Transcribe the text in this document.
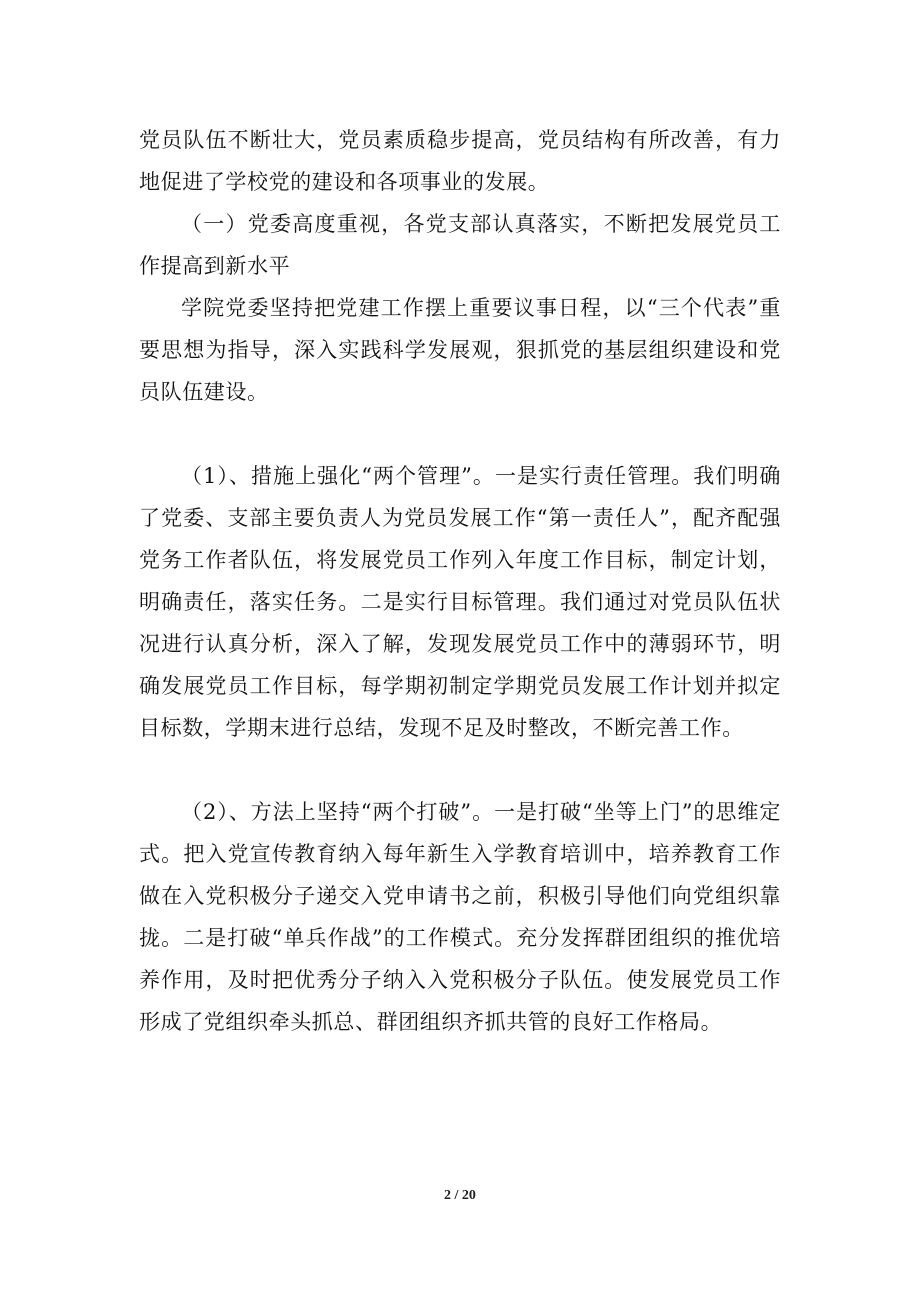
党员队伍不断壮大，党员素质稳步提高，党员结构有所改善，有力地促进了学校党的建设和各项事业的发展。

（一）党委高度重视，各党支部认真落实，不断把发展党员工作提高到新水平

学院党委坚持把党建工作摆上重要议事日程，以“三个代表”重要思想为指导，深入实践科学发展观，狠抓党的基层组织建设和党员队伍建设。

（1）、措施上强化“两个管理”。一是实行责任管理。我们明确了党委、支部主要负责人为党员发展工作“第一责任人”，配齐配强党务工作者队伍，将发展党员工作列入年度工作目标，制定计划，明确责任，落实任务。二是实行目标管理。我们通过对党员队伍状况进行认真分析，深入了解，发现发展党员工作中的薄弱环节，明确发展党员工作目标，每学期初制定学期党员发展工作计划并拟定目标数，学期末进行总结，发现不足及时整改，不断完善工作。

（2）、方法上坚持“两个打破”。一是打破“坐等上门”的思维定式。把入党宣传教育纳入每年新生入学教育培训中，培养教育工作做在入党积极分子递交入党申请书之前，积极引导他们向党组织靠拢。二是打破“单兵作战”的工作模式。充分发挥群团组织的推优培养作用，及时把优秀分子纳入入党积极分子队伍。使发展党员工作形成了党组织牵头抓总、群团组织齐抓共管的良好工作格局。

2 / 20
